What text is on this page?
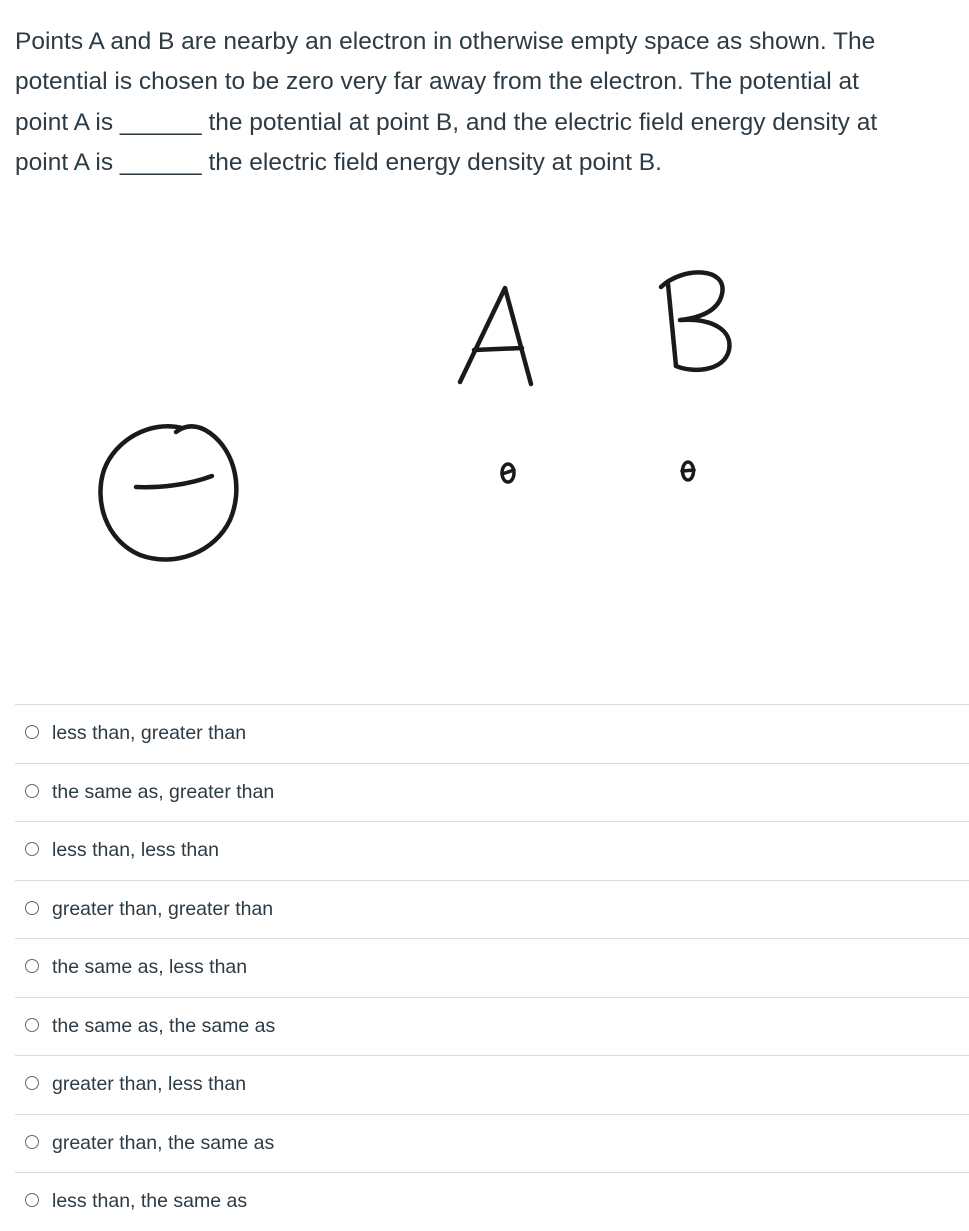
Points A and B are nearby an electron in otherwise empty space as shown. The
potential is chosen to be zero very far away from the electron. The potential at
point A is ______ the potential at point B, and the electric field energy density at
point A is ______ the electric field energy density at point B.
less than, greater than
the same as, greater than
less than, less than
greater than, greater than
the same as, less than
the same as, the same as
greater than, less than
greater than, the same as
less than, the same as
